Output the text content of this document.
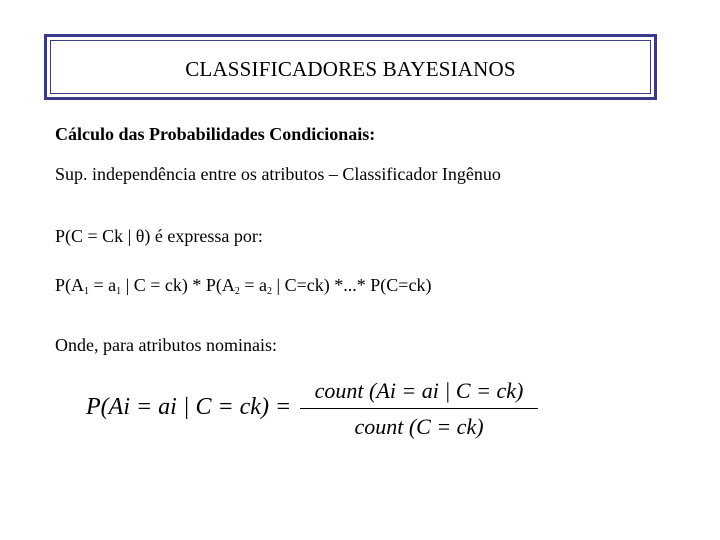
CLASSIFICADORES BAYESIANOS
Cálculo das Probabilidades Condicionais:
Sup. independência entre os atributos – Classificador Ingênuo
P(C = Ck | θ) é expressa por:
$P(A_1 = a_1$ | $C = ck) * P(A_2 = a_2$ | C=ck) *...* P(C=ck)
Onde, para atributos nominais:
P(Ai = ai | C = ck) =
count (Ai = ai | C = ck)
count (C = ck)
